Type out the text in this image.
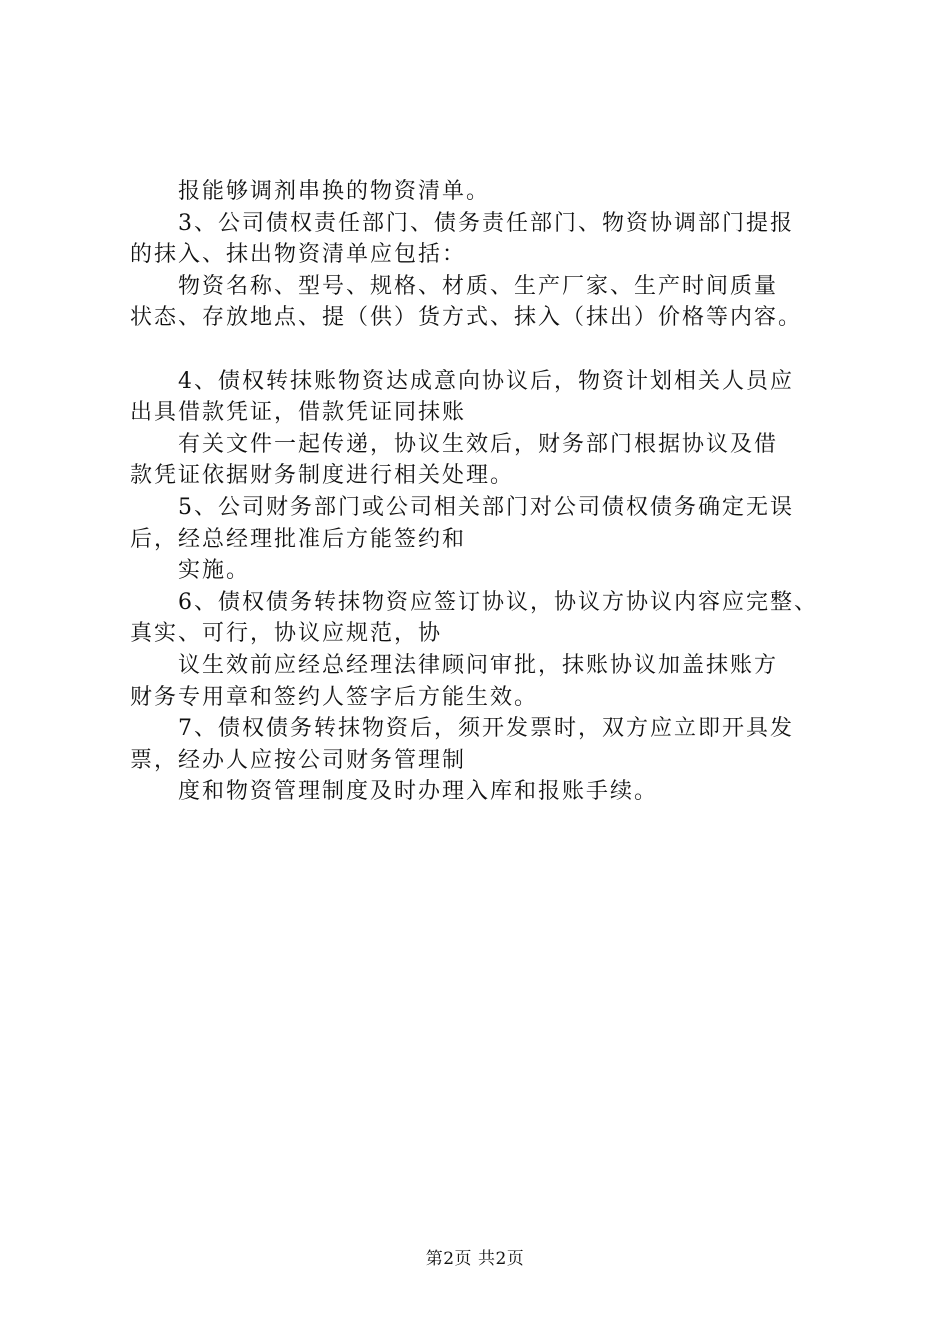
报能够调剂串换的物资清单。
3、公司债权责任部门、债务责任部门、物资协调部门提报
的抹入、抹出物资清单应包括：
物资名称、型号、规格、材质、生产厂家、生产时间质量
状态、存放地点、提（供）货方式、抹入（抹出）价格等内容。
4、债权转抹账物资达成意向协议后，物资计划相关人员应
出具借款凭证，借款凭证同抹账
有关文件一起传递，协议生效后，财务部门根据协议及借
款凭证依据财务制度进行相关处理。
5、公司财务部门或公司相关部门对公司债权债务确定无误
后，经总经理批准后方能签约和
实施。
6、债权债务转抹物资应签订协议，协议方协议内容应完整、
真实、可行，协议应规范，协
议生效前应经总经理法律顾问审批，抹账协议加盖抹账方
财务专用章和签约人签字后方能生效。
7、债权债务转抹物资后，须开发票时，双方应立即开具发
票，经办人应按公司财务管理制
度和物资管理制度及时办理入库和报账手续。
第2页 共2页
